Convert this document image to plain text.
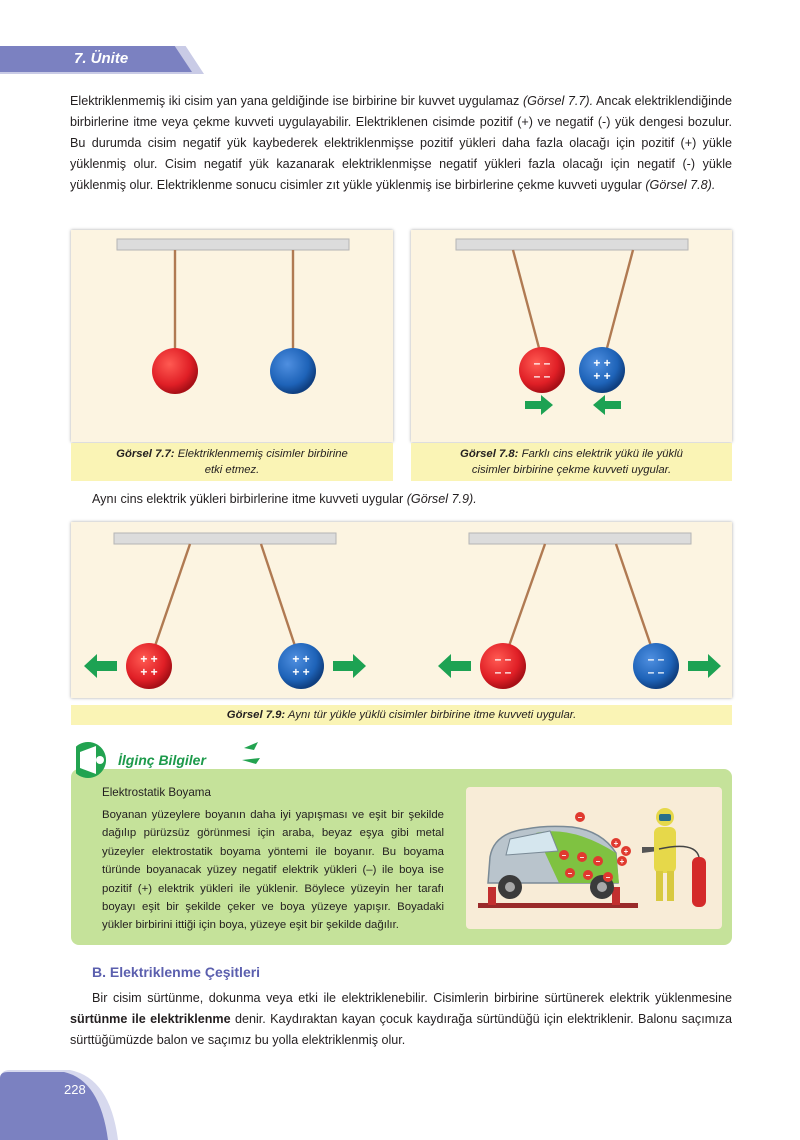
7. Ünite

Elektriklenmemiş iki cisim yan yana geldiğinde ise birbirine bir kuvvet uygulamaz (Görsel 7.7). Ancak elektriklendiğinde birbirlerine itme veya çekme kuvveti uygulayabilir. Elektriklenen cisimde pozitif (+) ve negatif (-) yük dengesi bozulur. Bu durumda cisim negatif yük kaybederek elektriklenmişse pozitif yükleri daha fazla olacağı için pozitif (+) yükle yüklenmiş olur. Cisim negatif yük kazanarak elektriklenmişse negatif yükleri fazla olacağı için negatif (-) yükle yüklenmiş olur. Elektriklenme sonucu cisimler zıt yükle yüklenmiş ise birbirlerine çekme kuvveti uygular (Görsel 7.8).

Görsel 7.7: Elektriklenmemiş cisimler birbirine
etki etmez.
– –
– –
+ +
+ +
Görsel 7.8: Farklı cins elektrik yükü ile yüklü
cisimler birbirine çekme kuvveti uygular.

Aynı cins elektrik yükleri birbirlerine itme kuvveti uygular (Görsel 7.9).

+ +
+ +
+ +
+ +
– –
– –
– –
– –
Görsel 7.9: Aynı tür yükle yüklü cisimler birbirine itme kuvveti uygular.
İlginç Bilgiler
Elektrostatik Boyama

Boyanan yüzeylere boyanın daha iyi yapışması ve eşit bir şekilde dağılıp pürüzsüz görünmesi için araba, beyaz eşya gibi metal yüzeyler elektrostatik boyama yöntemi ile boyanır. Bu boyama türünde boyanacak yüzey negatif elektrik yükleri (–) ile boya ise pozitif (+) elektrik yükleri ile yüklenir. Böylece yüzeyin her tarafı boyayı eşit bir şekilde çeker ve boya yüzeye yapışır. Boyadaki yükler birbirini ittiği için boya, yüzeye eşit bir şekilde dağılır.

–
– – –
– – –
+
+
+
B. Elektriklenme Çeşitleri

Bir cisim sürtünme, dokunma veya etki ile elektriklenebilir. Cisimlerin birbirine sürtünerek elektrik yüklenmesine sürtünme ile elektriklenme denir. Kaydıraktan kayan çocuk kaydırağa sürtündüğü için elektriklenir. Balonu saçımıza sürttüğümüzde balon ve saçımız bu yolla elektriklenmiş olur.

228
